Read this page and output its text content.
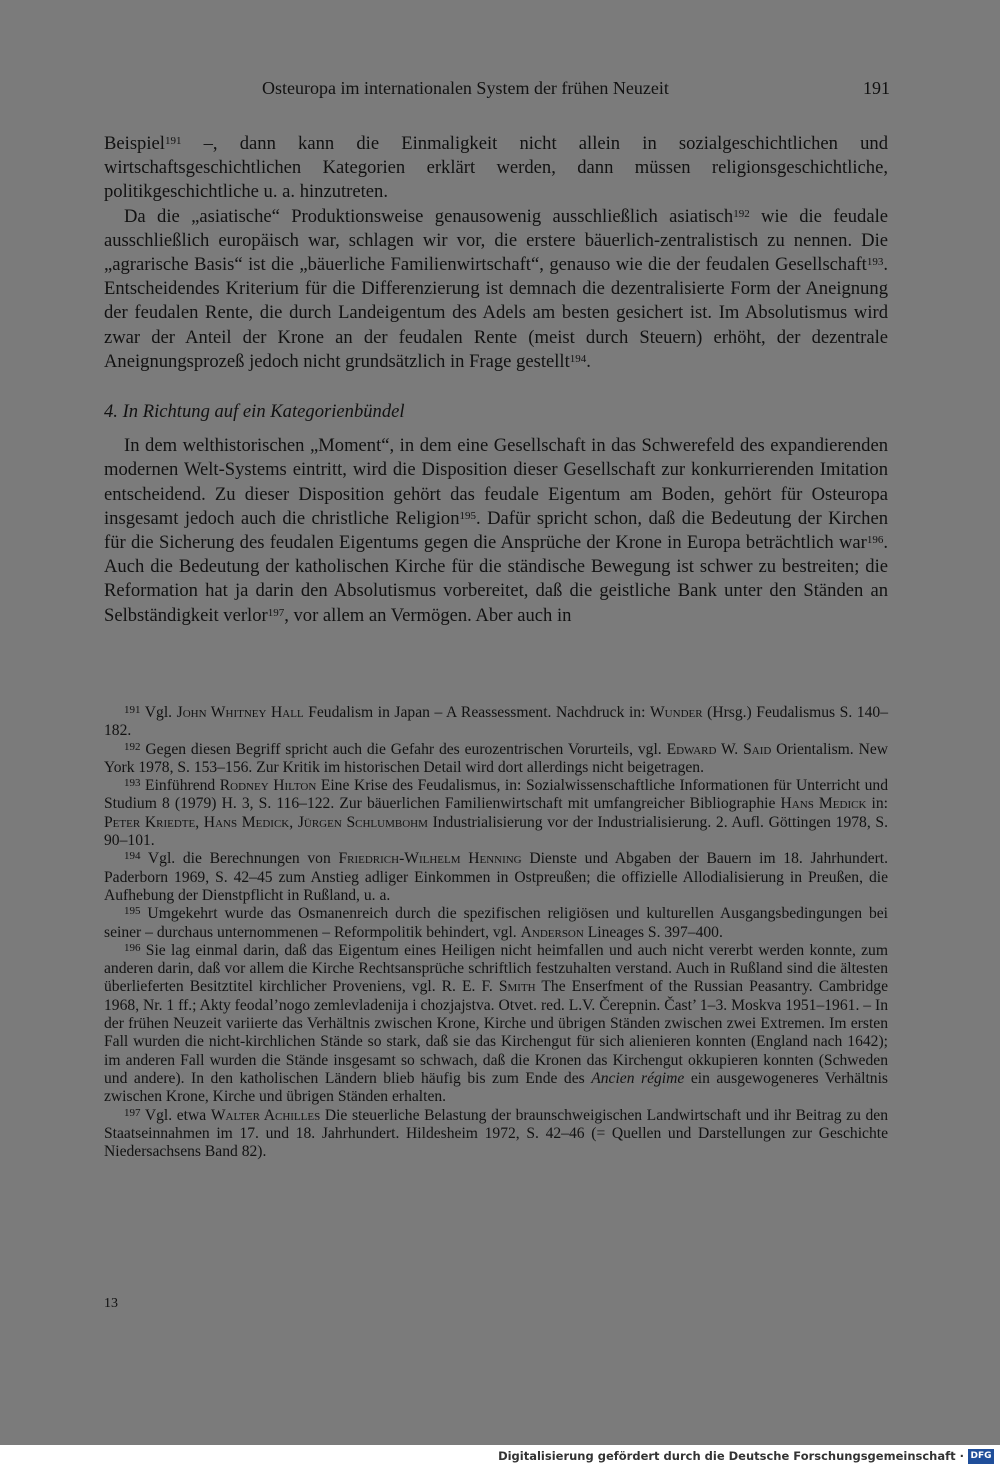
Osteuropa im internationalen System der frühen Neuzeit	191

Beispiel$^{191}$ –, dann kann die Einmaligkeit nicht allein in sozialgeschichtlichen und wirtschaftsgeschichtlichen Kategorien erklärt werden, dann müssen religionsgeschichtliche, politikgeschichtliche u. a. hinzutreten.

Da die „asiatische“ Produktionsweise genausowenig ausschließlich asiatisch$^{192}$ wie die feudale ausschließlich europäisch war, schlagen wir vor, die erstere bäuerlich-zentralistisch zu nennen. Die „agrarische Basis“ ist die „bäuerliche Familienwirtschaft“, genauso wie die der feudalen Gesellschaft$^{193}$. Entscheidendes Kriterium für die Differenzierung ist demnach die dezentralisierte Form der Aneignung der feudalen Rente, die durch Landeigentum des Adels am besten gesichert ist. Im Absolutismus wird zwar der Anteil der Krone an der feudalen Rente (meist durch Steuern) erhöht, der dezentrale Aneignungsprozeß jedoch nicht grundsätzlich in Frage gestellt$^{194}$.

4. In Richtung auf ein Kategorienbündel

In dem welthistorischen „Moment“, in dem eine Gesellschaft in das Schwerefeld des expandierenden modernen Welt-Systems eintritt, wird die Disposition dieser Gesellschaft zur konkurrierenden Imitation entscheidend. Zu dieser Disposition gehört das feudale Eigentum am Boden, gehört für Osteuropa insgesamt jedoch auch die christliche Religion$^{195}$. Dafür spricht schon, daß die Bedeutung der Kirchen für die Sicherung des feudalen Eigentums gegen die Ansprüche der Krone in Europa beträchtlich war$^{196}$. Auch die Bedeutung der katholischen Kirche für die ständische Bewegung ist schwer zu bestreiten; die Reformation hat ja darin den Absolutismus vorbereitet, daß die geistliche Bank unter den Ständen an Selbständigkeit verlor$^{197}$, vor allem an Vermögen. Aber auch in

$^{191}$ Vgl. John Whitney Hall Feudalism in Japan – A Reassessment. Nachdruck in: Wunder (Hrsg.) Feudalismus S. 140–182.

$^{192}$ Gegen diesen Begriff spricht auch die Gefahr des eurozentrischen Vorurteils, vgl. Edward W. Said Orientalism. New York 1978, S. 153–156. Zur Kritik im historischen Detail wird dort allerdings nicht beigetragen.

$^{193}$ Einführend Rodney Hilton Eine Krise des Feudalismus, in: Sozialwissenschaftliche Informationen für Unterricht und Studium 8 (1979) H. 3, S. 116–122. Zur bäuerlichen Familienwirtschaft mit umfangreicher Bibliographie Hans Medick in: Peter Kriedte, Hans Medick, Jürgen Schlumbohm Industrialisierung vor der Industrialisierung. 2. Aufl. Göttingen 1978, S. 90–101.

$^{194}$ Vgl. die Berechnungen von Friedrich-Wilhelm Henning Dienste und Abgaben der Bauern im 18. Jahrhundert. Paderborn 1969, S. 42–45 zum Anstieg adliger Einkommen in Ostpreußen; die offizielle Allodialisierung in Preußen, die Aufhebung der Dienstpflicht in Rußland, u. a.

$^{195}$ Umgekehrt wurde das Osmanenreich durch die spezifischen religiösen und kulturellen Ausgangsbedingungen bei seiner – durchaus unternommenen – Reformpolitik behindert, vgl. Anderson Lineages S. 397–400.

$^{196}$ Sie lag einmal darin, daß das Eigentum eines Heiligen nicht heimfallen und auch nicht vererbt werden konnte, zum anderen darin, daß vor allem die Kirche Rechtsansprüche schriftlich festzuhalten verstand. Auch in Rußland sind die ältesten überlieferten Besitztitel kirchlicher Proveniens, vgl. R. E. F. Smith The Enserfment of the Russian Peasantry. Cambridge 1968, Nr. 1 ff.; Akty feodal’nogo zemlevladenija i chozjajstva. Otvet. red. L.V. Čerepnin. Čast’ 1–3. Moskva 1951–1961. – In der frühen Neuzeit variierte das Verhältnis zwischen Krone, Kirche und übrigen Ständen zwischen zwei Extremen. Im ersten Fall wurden die nicht-kirchlichen Stände so stark, daß sie das Kirchengut für sich alienieren konnten (England nach 1642); im anderen Fall wurden die Stände insgesamt so schwach, daß die Kronen das Kirchengut okkupieren konnten (Schweden und andere). In den katholischen Ländern blieb häufig bis zum Ende des Ancien régime ein ausgewogeneres Verhältnis zwischen Krone, Kirche und übrigen Ständen erhalten.

$^{197}$ Vgl. etwa Walter Achilles Die steuerliche Belastung der braunschweigischen Landwirtschaft und ihr Beitrag zu den Staatseinnahmen im 17. und 18. Jahrhundert. Hildesheim 1972, S. 42–46 (= Quellen und Darstellungen zur Geschichte Niedersachsens Band 82).

13
Digitalisierung gefördert durch die Deutsche Forschungsgemeinschaft · DFG
